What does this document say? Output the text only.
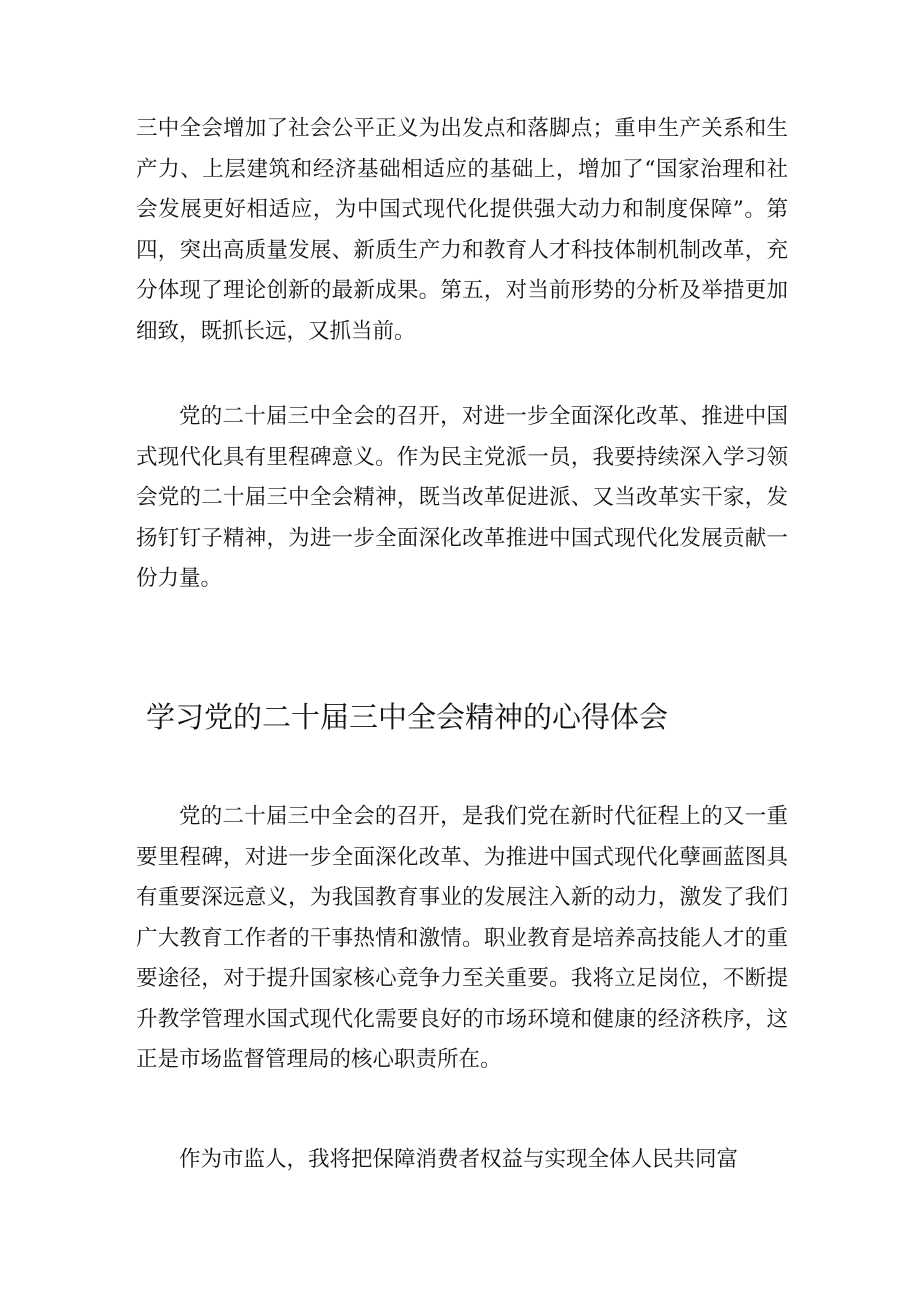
三中全会增加了社会公平正义为出发点和落脚点；重申生产关系和生产力、上层建筑和经济基础相适应的基础上，增加了“国家治理和社会发展更好相适应，为中国式现代化提供强大动力和制度保障”。第四，突出高质量发展、新质生产力和教育人才科技体制机制改革，充分体现了理论创新的最新成果。第五，对当前形势的分析及举措更加细致，既抓长远，又抓当前。

党的二十届三中全会的召开，对进一步全面深化改革、推进中国式现代化具有里程碑意义。作为民主党派一员，我要持续深入学习领会党的二十届三中全会精神，既当改革促进派、又当改革实干家，发扬钉钉子精神，为进一步全面深化改革推进中国式现代化发展贡献一份力量。

学习党的二十届三中全会精神的心得体会

党的二十届三中全会的召开，是我们党在新时代征程上的又一重要里程碑，对进一步全面深化改革、为推进中国式现代化孽画蓝图具有重要深远意义，为我国教育事业的发展注入新的动力，激发了我们广大教育工作者的干事热情和激情。职业教育是培养高技能人才的重要途径，对于提升国家核心竞争力至关重要。我将立足岗位，不断提升教学管理水国式现代化需要良好的市场环境和健康的经济秩序，这正是市场监督管理局的核心职责所在。

作为市监人，我将把保障消费者权益与实现全体人民共同富
